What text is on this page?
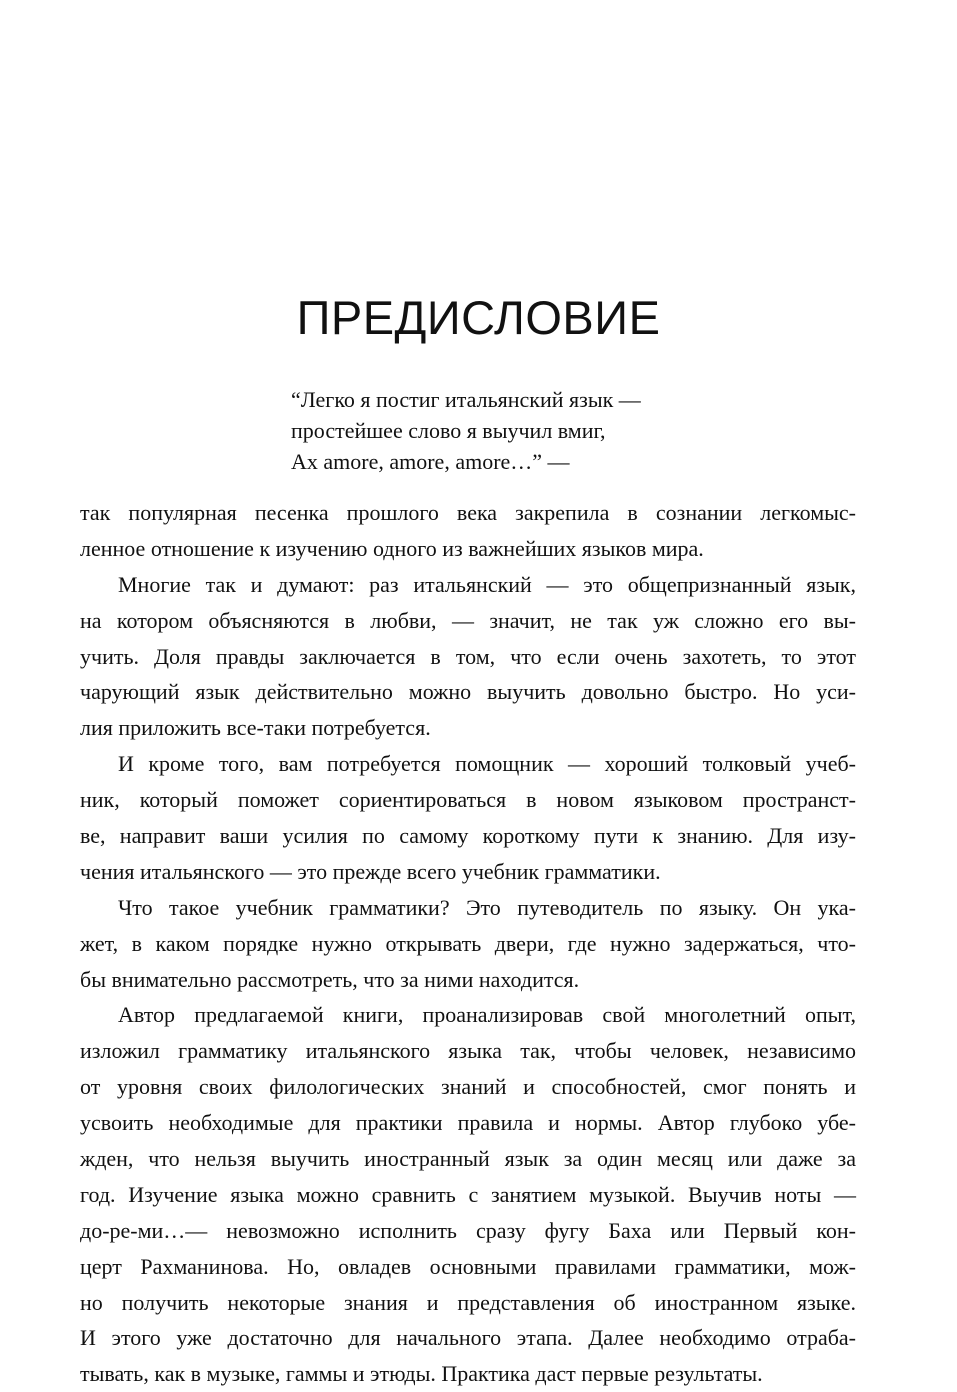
ПРЕДИСЛОВИЕ
“Легко я постиг итальянский язык —
простейшее слово я выучил вмиг,
Ах amore, amore, amore…” —
так популярная песенка прошлого века закрепила в сознании легкомыс-
ленное отношение к изучению одного из важнейших языков мира.
Многие так и думают: раз итальянский — это общепризнанный язык,
на котором объясняются в любви, — значит, не так уж сложно его вы-
учить. Доля правды заключается в том, что если очень захотеть, то этот
чарующий язык действительно можно выучить довольно быстро. Но уси-
лия приложить все-таки потребуется.
И кроме того, вам потребуется помощник — хороший толковый учеб-
ник, который поможет сориентироваться в новом языковом пространст-
ве, направит ваши усилия по самому короткому пути к знанию. Для изу-
чения итальянского — это прежде всего учебник грамматики.
Что такое учебник грамматики? Это путеводитель по языку. Он ука-
жет, в каком порядке нужно открывать двери, где нужно задержаться, что-
бы внимательно рассмотреть, что за ними находится.
Автор предлагаемой книги, проанализировав свой многолетний опыт,
изложил грамматику итальянского языка так, чтобы человек, независимо
от уровня своих филологических знаний и способностей, смог понять и
усвоить необходимые для практики правила и нормы. Автор глубоко убе-
жден, что нельзя выучить иностранный язык за один месяц или даже за
год. Изучение языка можно сравнить с занятием музыкой. Выучив ноты —
до-ре-ми…— невозможно исполнить сразу фугу Баха или Первый кон-
церт Рахманинова. Но, овладев основными правилами грамматики, мож-
но получить некоторые знания и представления об иностранном языке.
И этого уже достаточно для начального этапа. Далее необходимо отраба-
тывать, как в музыке, гаммы и этюды. Практика даст первые результаты.
